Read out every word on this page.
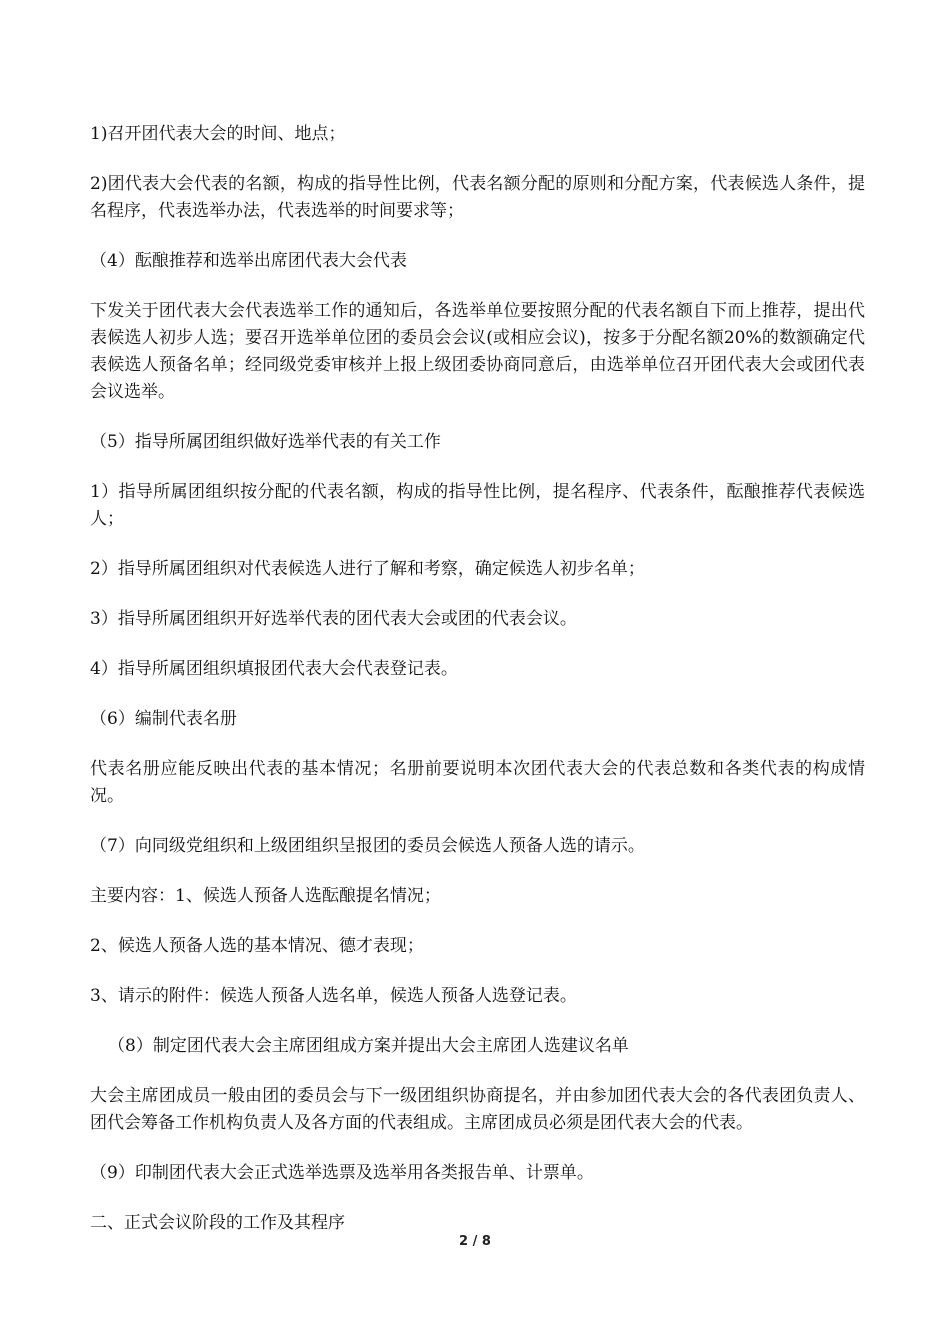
1)召开团代表大会的时间、地点；

2)团代表大会代表的名额，构成的指导性比例，代表名额分配的原则和分配方案，代表候选人条件，提名程序，代表选举办法，代表选举的时间要求等；

（4）酝酿推荐和选举出席团代表大会代表

下发关于团代表大会代表选举工作的通知后，各选举单位要按照分配的代表名额自下而上推荐，提出代表候选人初步人选；要召开选举单位团的委员会会议(或相应会议)，按多于分配名额20%的数额确定代表候选人预备名单；经同级党委审核并上报上级团委协商同意后，由选举单位召开团代表大会或团代表会议选举。

（5）指导所属团组织做好选举代表的有关工作

1）指导所属团组织按分配的代表名额，构成的指导性比例，提名程序、代表条件，酝酿推荐代表候选人；

2）指导所属团组织对代表候选人进行了解和考察，确定候选人初步名单；

3）指导所属团组织开好选举代表的团代表大会或团的代表会议。

4）指导所属团组织填报团代表大会代表登记表。

（6）编制代表名册

代表名册应能反映出代表的基本情况；名册前要说明本次团代表大会的代表总数和各类代表的构成情况。

（7）向同级党组织和上级团组织呈报团的委员会候选人预备人选的请示。

主要内容：1、候选人预备人选酝酿提名情况；

2、候选人预备人选的基本情况、德才表现；

3、请示的附件：候选人预备人选名单，候选人预备人选登记表。

（8）制定团代表大会主席团组成方案并提出大会主席团人选建议名单

大会主席团成员一般由团的委员会与下一级团组织协商提名，并由参加团代表大会的各代表团负责人、团代会筹备工作机构负责人及各方面的代表组成。主席团成员必须是团代表大会的代表。

（9）印制团代表大会正式选举选票及选举用各类报告单、计票单。

二、正式会议阶段的工作及其程序

2 / 8
